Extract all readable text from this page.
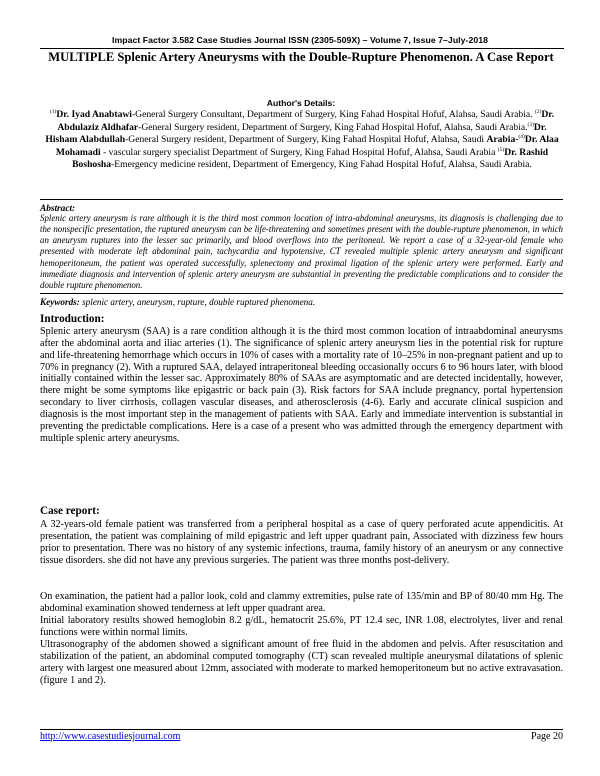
Impact Factor 3.582 Case Studies Journal ISSN (2305-509X) – Volume 7, Issue 7–July-2018
MULTIPLE Splenic Artery Aneurysms with the Double-Rupture Phenomenon. A Case Report
Author's Details:
$^{(1)}$Dr. Iyad Anabtawi-General Surgery Consultant, Department of Surgery, King Fahad Hospital Hofuf, Alahsa, Saudi Arabia. $^{(2)}$Dr. Abdulaziz Aldhafar-General Surgery resident, Department of Surgery, King Fahad Hospital Hofuf, Alahsa, Saudi Arabia.$^{(3)}$Dr. Hisham Alabdullah-General Surgery resident, Department of Surgery, King Fahad Hospital Hofuf, Alahsa, Saudi Arabia-$^{(4)}$Dr. Alaa Mohamadi - vascular surgery specialist Department of Surgery, King Fahad Hospital Hofuf, Alahsa, Saudi Arabia $^{(5)}$Dr. Rashid Boshosha-Emergency medicine resident, Department of Emergency, King Fahad Hospital Hofuf, Alahsa, Saudi Arabia.
Abstract:
Splenic artery aneurysm is rare although it is the third most common location of intra-abdominal aneurysms, its diagnosis is challenging due to the nonspecific presentation, the ruptured aneurysm can be life-threatening and sometimes present with the double-rupture phenomenon, in which an aneurysm ruptures into the lesser sac primarily, and blood overflows into the peritoneal. We report a case of a 32-year-old female who presented with moderate left abdominal pain, tachycardia and hypotensive, CT revealed multiple splenic artery aneurysm and significant hemoperitoneum, the patient was operated successfully, splenectomy and proximal ligation of the splenic artery were performed. Early and immediate diagnosis and intervention of splenic artery aneurysm are substantial in preventing the predictable complications and to consider the double rupture phenomenon.
Keywords: splenic artery, aneurysm, rupture, double ruptured phenomena.
Introduction:
Splenic artery aneurysm (SAA) is a rare condition although it is the third most common location of intraabdominal aneurysms after the abdominal aorta and iliac arteries (1). The significance of splenic artery aneurysm lies in the potential risk for rupture and life-threatening hemorrhage which occurs in 10% of cases with a mortality rate of 10–25% in non-pregnant patient and up to 70% in pregnancy (2). With a ruptured SAA, delayed intraperitoneal bleeding occasionally occurs 6 to 96 hours later, with blood initially contained within the lesser sac. Approximately 80% of SAAs are asymptomatic and are detected incidentally, however, there might be some symptoms like epigastric or back pain (3). Risk factors for SAA include pregnancy, portal hypertension secondary to liver cirrhosis, collagen vascular diseases, and atherosclerosis (4-6). Early and accurate clinical suspicion and diagnosis is the most important step in the management of patients with SAA. Early and immediate intervention is substantial in preventing the predictable complications. Here is a case of a present who was admitted through the emergency department with multiple splenic artery aneurysms.
Case report:
A 32-years-old female patient was transferred from a peripheral hospital as a case of query perforated acute appendicitis. At presentation, the patient was complaining of mild epigastric and left upper quadrant pain, Associated with dizziness few hours prior to presentation. There was no history of any systemic infections, trauma, family history of an aneurysm or any connective tissue disorders. she did not have any previous surgeries. The patient was three months post-delivery.
On examination, the patient had a pallor look, cold and clammy extremities, pulse rate of 135/min and BP of 80/40 mm Hg. The abdominal examination showed tenderness at left upper quadrant area.
Initial laboratory results showed hemoglobin 8.2 g/dL, hematocrit 25.6%, PT 12.4 sec, INR 1.08, electrolytes, liver and renal functions were within normal limits.
Ultrasonography of the abdomen showed a significant amount of free fluid in the abdomen and pelvis. After resuscitation and stabilization of the patient, an abdominal computed tomography (CT) scan revealed multiple aneurysmal dilatations of splenic artery with largest one measured about 12mm, associated with moderate to marked hemoperitoneum but no active extravasation. (figure 1 and 2).
http://www.casestudiesjournal.com	Page 20
